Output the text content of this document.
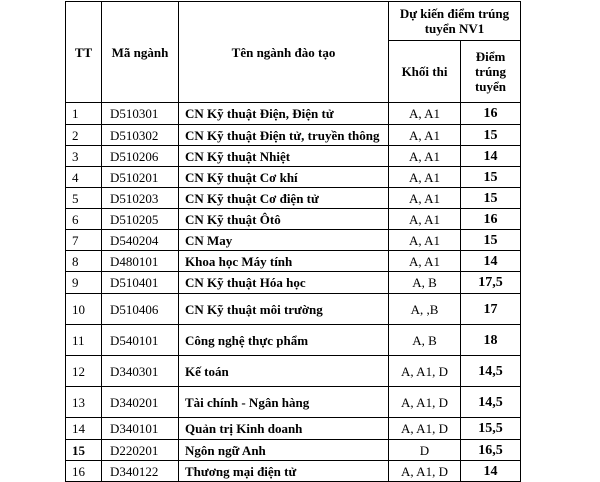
TT	Mã ngành	Tên ngành đào tạo	Dự kiến điểm trúng tuyển NV1	
			Khối thi	Điểm trúng tuyển
1	D510301	CN Kỹ thuật Điện, Điện tử	A, A1	16
2	D510302	CN Kỹ thuật Điện tử, truyền thông	A, A1	15
3	D510206	CN Kỹ thuật Nhiệt	A, A1	14
4	D510201	CN Kỹ thuật Cơ khí	A, A1	15
5	D510203	CN Kỹ thuật Cơ điện tử	A, A1	15
6	D510205	CN Kỹ thuật Ôtô	A, A1	16
7	D540204	CN May	A, A1	15
8	D480101	Khoa học Máy tính	A, A1	14
9	D510401	CN Kỹ thuật Hóa học	A, B	17,5
10	D510406	CN Kỹ thuật môi trường	A, ,B	17
11	D540101	Công nghệ thực phẩm	A, B	18
12	D340301	Kế toán	A, A1, D	14,5
13	D340201	Tài chính - Ngân hàng	A, A1, D	14,5
14	D340101	Quản trị Kinh doanh	A, A1, D	15,5
15	D220201	Ngôn ngữ Anh	D	16,5
16	D340122	Thương mại điện tử	A, A1, D	14
